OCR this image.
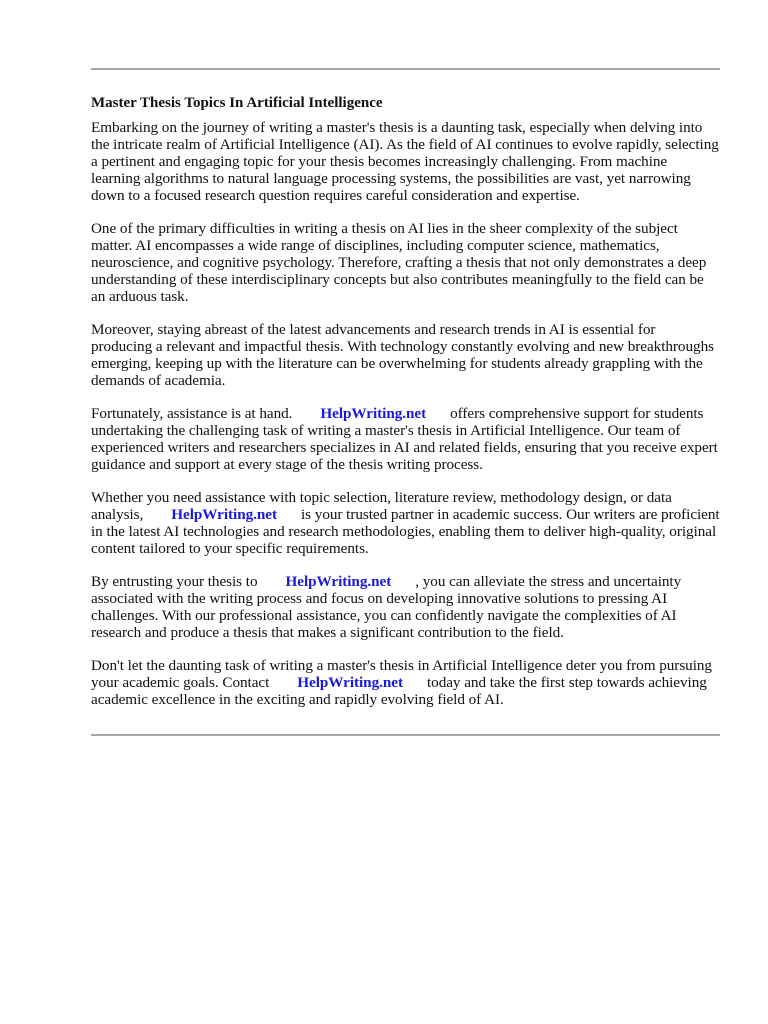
Master Thesis Topics In Artificial Intelligence

Embarking on the journey of writing a master's thesis is a daunting task, especially when delving into the intricate realm of Artificial Intelligence (AI). As the field of AI continues to evolve rapidly, selecting a pertinent and engaging topic for your thesis becomes increasingly challenging. From machine learning algorithms to natural language processing systems, the possibilities are vast, yet narrowing down to a focused research question requires careful consideration and expertise.

One of the primary difficulties in writing a thesis on AI lies in the sheer complexity of the subject matter. AI encompasses a wide range of disciplines, including computer science, mathematics, neuroscience, and cognitive psychology. Therefore, crafting a thesis that not only demonstrates a deep understanding of these interdisciplinary concepts but also contributes meaningfully to the field can be an arduous task.

Moreover, staying abreast of the latest advancements and research trends in AI is essential for producing a relevant and impactful thesis. With technology constantly evolving and new breakthroughs emerging, keeping up with the literature can be overwhelming for students already grappling with the demands of academia.

Fortunately, assistance is at hand. HelpWriting.net offers comprehensive support for students undertaking the challenging task of writing a master's thesis in Artificial Intelligence. Our team of experienced writers and researchers specializes in AI and related fields, ensuring that you receive expert guidance and support at every stage of the thesis writing process.

Whether you need assistance with topic selection, literature review, methodology design, or data analysis, HelpWriting.net is your trusted partner in academic success. Our writers are proficient in the latest AI technologies and research methodologies, enabling them to deliver high-quality, original content tailored to your specific requirements.

By entrusting your thesis to HelpWriting.net , you can alleviate the stress and uncertainty associated with the writing process and focus on developing innovative solutions to pressing AI challenges. With our professional assistance, you can confidently navigate the complexities of AI research and produce a thesis that makes a significant contribution to the field.

Don't let the daunting task of writing a master's thesis in Artificial Intelligence deter you from pursuing your academic goals. Contact HelpWriting.net today and take the first step towards achieving academic excellence in the exciting and rapidly evolving field of AI.
